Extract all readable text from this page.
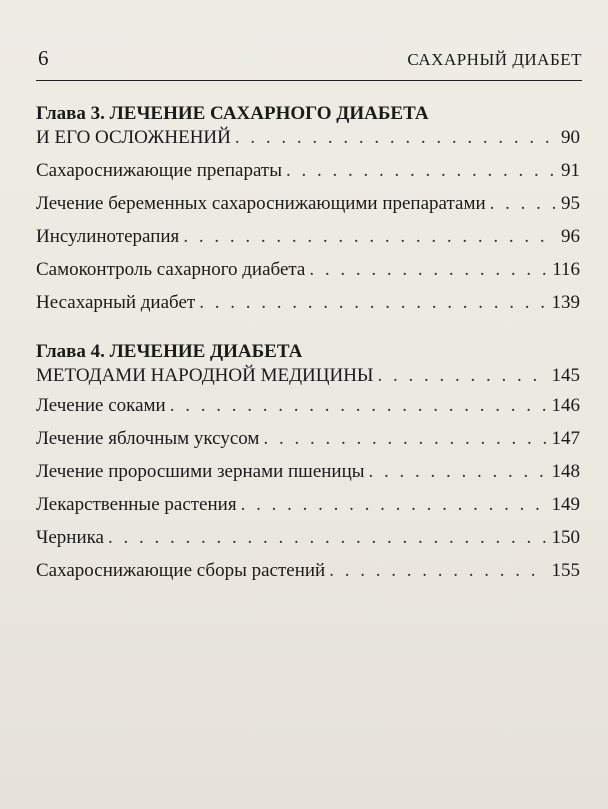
6	САХАРНЫЙ ДИАБЕТ
Глава 3. ЛЕЧЕНИЕ САХАРНОГО ДИАБЕТА
И ЕГО ОСЛОЖНЕНИЙ . . .	90
Сахароснижающие препараты . . .	91
Лечение беременных сахароснижающими препаратами . . .	95
Инсулинотерапия . . .	96
Самоконтроль сахарного диабета . . .	116
Несахарный диабет . . .	139
Глава 4. ЛЕЧЕНИЕ ДИАБЕТА
МЕТОДАМИ НАРОДНОЙ МЕДИЦИНЫ . . .	145
Лечение соками . . .	146
Лечение яблочным уксусом . . .	147
Лечение проросшими зернами пшеницы . . .	148
Лекарственные растения . . .	149
Черника . . .	150
Сахароснижающие сборы растений . . .	155
